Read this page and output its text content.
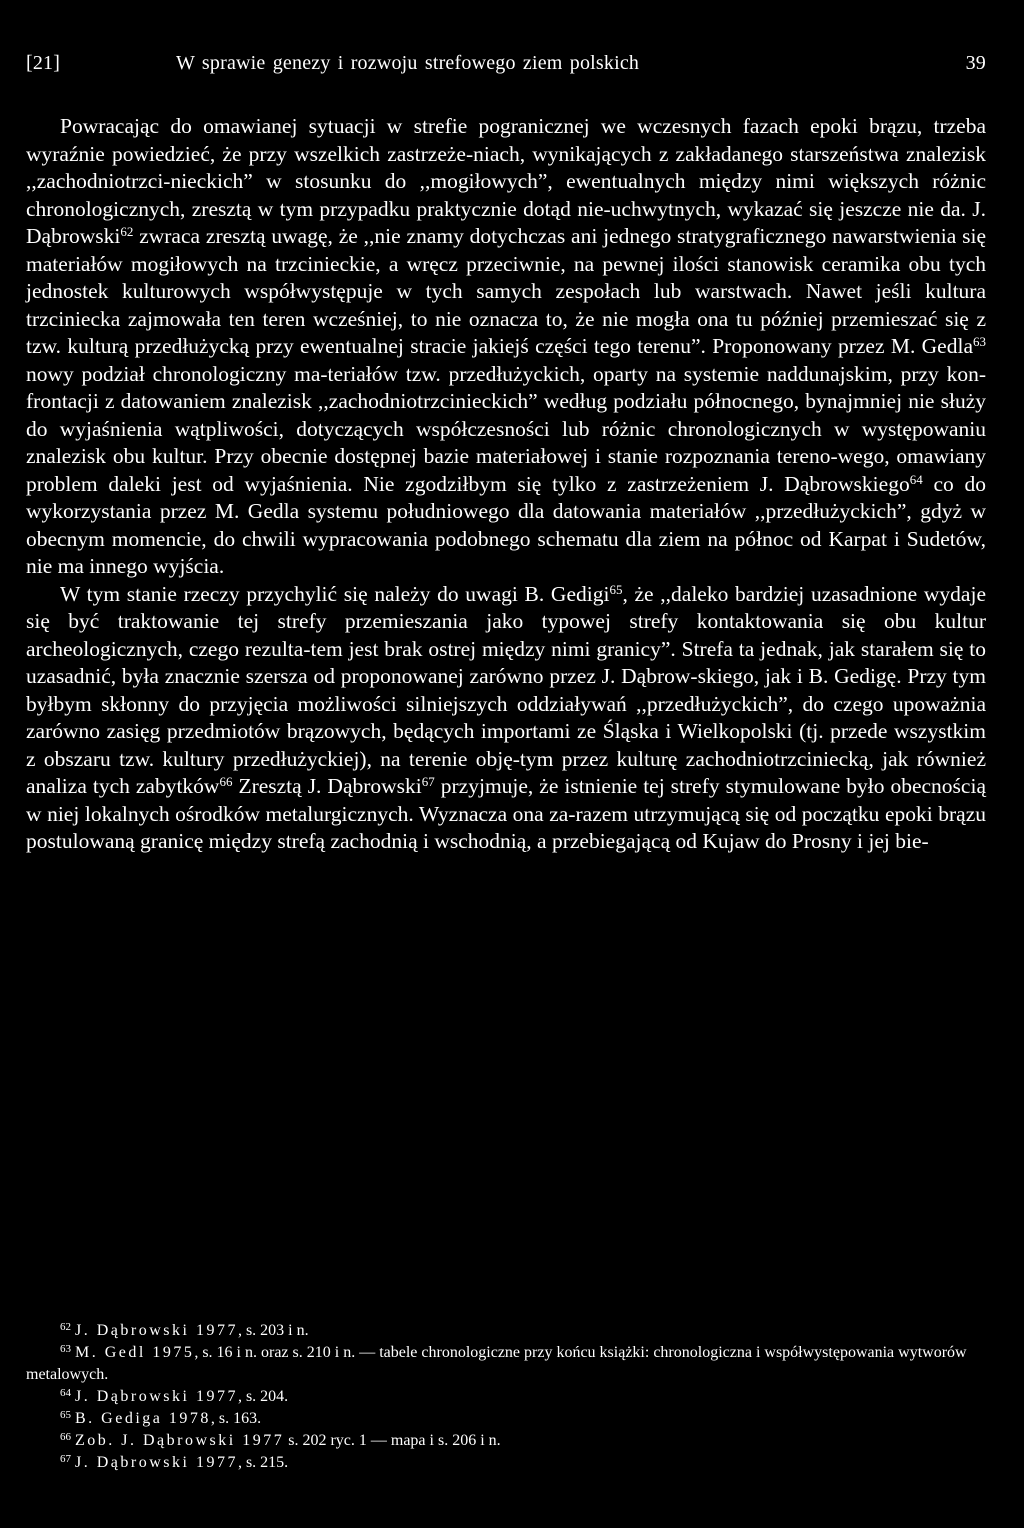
[21]	W sprawie genezy i rozwoju strefowego ziem polskich	39

Powracając do omawianej sytuacji w strefie pogranicznej we wczesnych fazach epoki brązu, trzeba wyraźnie powiedzieć, że przy wszelkich zastrzeże-niach, wynikających z zakładanego starszeństwa znalezisk ,,zachodniotrzci-nieckich” w stosunku do ,,mogiłowych”, ewentualnych między nimi większych różnic chronologicznych, zresztą w tym przypadku praktycznie dotąd nie-uchwytnych, wykazać się jeszcze nie da. J. Dąbrowski$^{62}$ zwraca zresztą uwagę, że ,,nie znamy dotychczas ani jednego stratygraficznego nawarstwienia się materiałów mogiłowych na trzcinieckie, a wręcz przeciwnie, na pewnej ilości stanowisk ceramika obu tych jednostek kulturowych współwystępuje w tych samych zespołach lub warstwach. Nawet jeśli kultura trzciniecka zajmowała ten teren wcześniej, to nie oznacza to, że nie mogła ona tu później przemieszać się z tzw. kulturą przedłużycką przy ewentualnej stracie jakiejś części tego terenu”. Proponowany przez M. Gedla$^{63}$ nowy podział chronologiczny ma-teriałów tzw. przedłużyckich, oparty na systemie naddunajskim, przy kon-frontacji z datowaniem znalezisk ,,zachodniotrzcinieckich” według podziału północnego, bynajmniej nie służy do wyjaśnienia wątpliwości, dotyczących współczesności lub różnic chronologicznych w występowaniu znalezisk obu kultur. Przy obecnie dostępnej bazie materiałowej i stanie rozpoznania tereno-wego, omawiany problem daleki jest od wyjaśnienia. Nie zgodziłbym się tylko z zastrzeżeniem J. Dąbrowskiego$^{64}$ co do wykorzystania przez M. Gedla systemu południowego dla datowania materiałów ,,przedłużyckich”, gdyż w obecnym momencie, do chwili wypracowania podobnego schematu dla ziem na północ od Karpat i Sudetów, nie ma innego wyjścia.

W tym stanie rzeczy przychylić się należy do uwagi B. Gedigi$^{65}$, że ,,daleko bardziej uzasadnione wydaje się być traktowanie tej strefy przemieszania jako typowej strefy kontaktowania się obu kultur archeologicznych, czego rezulta-tem jest brak ostrej między nimi granicy”. Strefa ta jednak, jak starałem się to uzasadnić, była znacznie szersza od proponowanej zarówno przez J. Dąbrow-skiego, jak i B. Gedigę. Przy tym byłbym skłonny do przyjęcia możliwości silniejszych oddziaływań ,,przedłużyckich”, do czego upoważnia zarówno zasięg przedmiotów brązowych, będących importami ze Śląska i Wielkopolski (tj. przede wszystkim z obszaru tzw. kultury przedłużyckiej), na terenie obję-tym przez kulturę zachodniotrzciniecką, jak również analiza tych zabytków$^{66}$ Zresztą J. Dąbrowski$^{67}$ przyjmuje, że istnienie tej strefy stymulowane było obecnością w niej lokalnych ośrodków metalurgicznych. Wyznacza ona za-razem utrzymującą się od początku epoki brązu postulowaną granicę między strefą zachodnią i wschodnią, a przebiegającą od Kujaw do Prosny i jej bie-

$^{62}$ J. Dąbrowski 1977, s. 203 i n.
$^{63}$ M. Gedl 1975, s. 16 i n. oraz s. 210 i n. — tabele chronologiczne przy końcu książki: chronologiczna i współwystępowania wytworów metalowych.
$^{64}$ J. Dąbrowski 1977, s. 204.
$^{65}$ B. Gediga 1978, s. 163.
$^{66}$ Zob. J. Dąbrowski 1977 s. 202 ryc. 1 — mapa i s. 206 i n.
$^{67}$ J. Dąbrowski 1977, s. 215.
